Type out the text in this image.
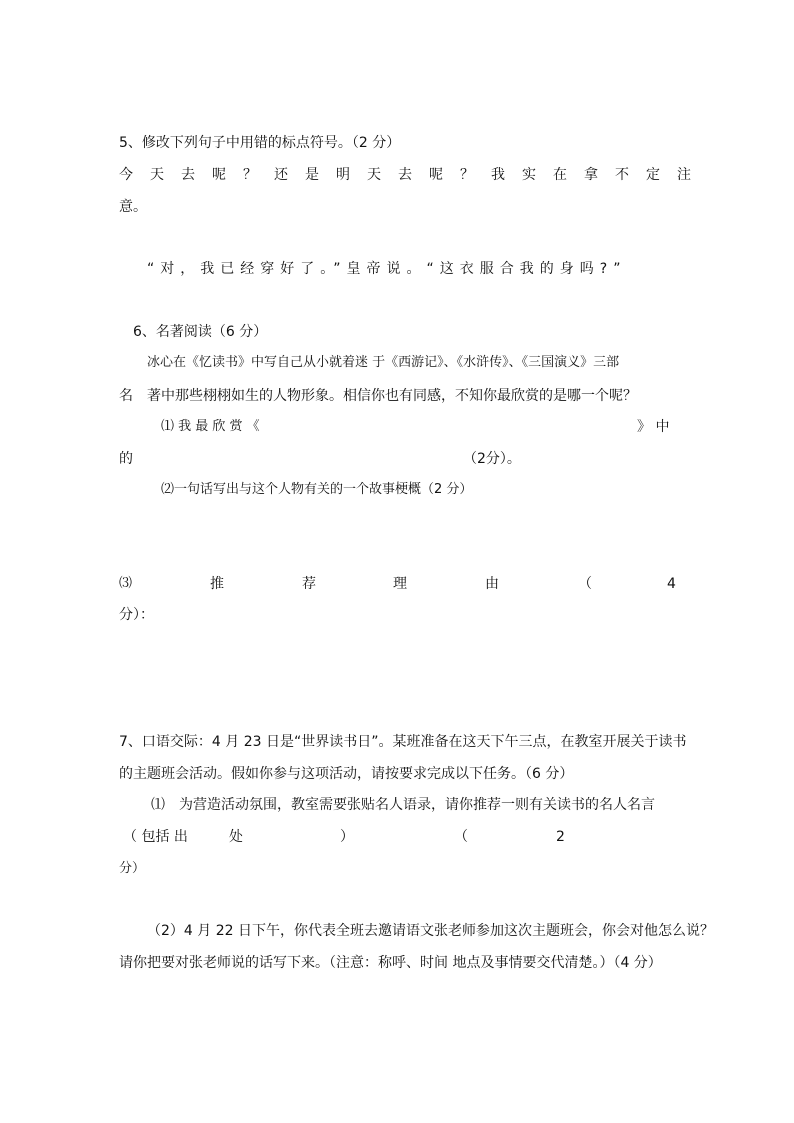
5、修改下列句子中用错的标点符号。（2 分）
今天去呢？还是明天去呢？我实在拿不定注
意。
“对，我已经穿好了。”皇帝说。“这衣服合我的身吗?”
6、名著阅读（6 分）
冰心在《忆读书》中写自己从小就着迷 于《西游记》、《水浒传》、《三国演义》三部
名 著中那些栩栩如生的人物形象。相信你也有同感，不知你最欣赏的是哪一个呢？
⑴ 我 最 欣 赏 《	》 中
的	（2分）。
⑵一句话写出与这个人物有关的一个故事梗概（2 分）
⑶	推	荐	理	由	（	4
分）：
7、口语交际：4 月 23 日是“世界读书日”。某班准备在这天下午三点，在教室开展关于读书
的主题班会活动。假如你参与这项活动，请按要求完成以下任务。（6 分）
⑴ 为营造活动氛围，教室需要张贴名人语录，请你推荐一则有关读书的名人名言
（ 包括 出	处	）	（	2
分）
（2）4 月 22 日下午，你代表全班去邀请语文张老师参加这次主题班会，你会对他怎么说？
请你把要对张老师说的话写下来。（注意：称呼、时间 地点及事情要交代清楚。）（4 分）
